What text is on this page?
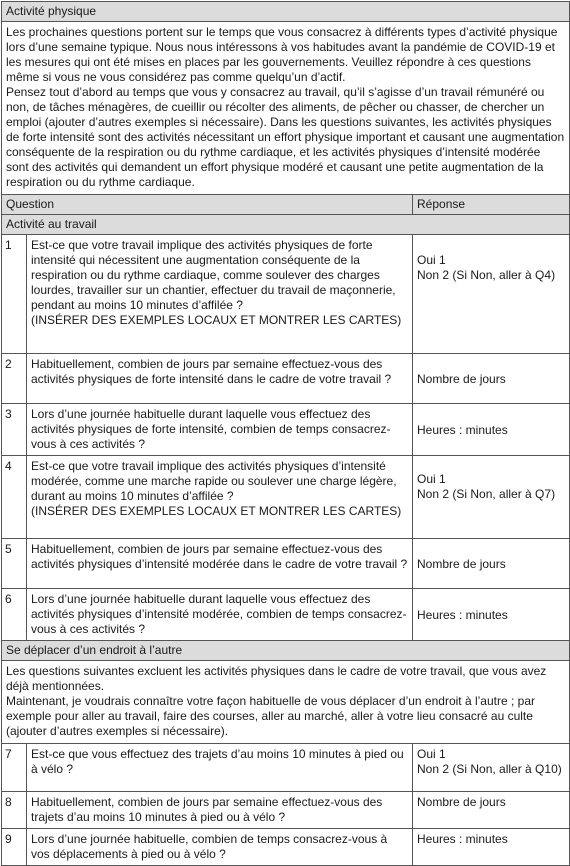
Activité physique		

Les prochaines questions portent sur le temps que vous consacrez à différents types d’activité physique lors d’une semaine typique. Nous nous intéressons à vos habitudes avant la pandémie de COVID-19 et les mesures qui ont été mises en places par les gouvernements. Veuillez répondre à ces questions même si vous ne vous considérez pas comme quelqu’un d’actif.
Pensez tout d’abord au temps que vous y consacrez au travail, qu’il s’agisse d’un travail rémunéré ou non, de tâches ménagères, de cueillir ou récolter des aliments, de pêcher ou chasser, de chercher un emploi (ajouter d’autres exemples si nécessaire). Dans les questions suivantes, les activités physiques de forte intensité sont des activités nécessitant un effort physique important et causant une augmentation conséquente de la respiration ou du rythme cardiaque, et les activités physiques d’intensité modérée sont des activités qui demandent un effort physique modéré et causant une petite augmentation de la respiration ou du rythme cardiaque.		

Question		Réponse
Activité au travail		
1	Est-ce que votre travail implique des activités physiques de forte intensité qui nécessitent une augmentation conséquente de la respiration ou du rythme cardiaque, comme soulever des charges lourdes, travailler sur un chantier, effectuer du travail de maçonnerie, pendant au moins 10 minutes d’affilée ?
(INSÉRER DES EXEMPLES LOCAUX ET MONTRER LES CARTES)	Oui 1
Non 2 (Si Non, aller à Q4)

2	Habituellement, combien de jours par semaine effectuez-vous des activités physiques de forte intensité dans le cadre de votre travail ?	Nombre de jours
3	Lors d’une journée habituelle durant laquelle vous effectuez des activités physiques de forte intensité, combien de temps consacrez-vous à ces activités ?	Heures : minutes
4	Est-ce que votre travail implique des activités physiques d’intensité modérée, comme une marche rapide ou soulever une charge légère, durant au moins 10 minutes d’affilée ?
(INSÉRER DES EXEMPLES LOCAUX ET MONTRER LES CARTES)	Oui 1
Non 2 (Si Non, aller à Q7)

5	Habituellement, combien de jours par semaine effectuez-vous des activités physiques d’intensité modérée dans le cadre de votre travail ?	Nombre de jours
6	Lors d’une journée habituelle durant laquelle vous effectuez des activités physiques d’intensité modérée, combien de temps consacrez-vous à ces activités ?	Heures : minutes
Se déplacer d’un endroit à l’autre		

Les questions suivantes excluent les activités physiques dans le cadre de votre travail, que vous avez déjà mentionnées.
Maintenant, je voudrais connaître votre façon habituelle de vous déplacer d’un endroit à l’autre ; par exemple pour aller au travail, faire des courses, aller au marché, aller à votre lieu consacré au culte (ajouter d’autres exemples si nécessaire).		

7	Est-ce que vous effectuez des trajets d’au moins 10 minutes à pied ou à vélo ?	Oui 1
Non 2 (Si Non, aller à Q10)

8	Habituellement, combien de jours par semaine effectuez-vous des trajets d’au moins 10 minutes à pied ou à vélo ?	Nombre de jours
9	Lors d’une journée habituelle, combien de temps consacrez-vous à vos déplacements à pied ou à vélo ?	Heures : minutes
